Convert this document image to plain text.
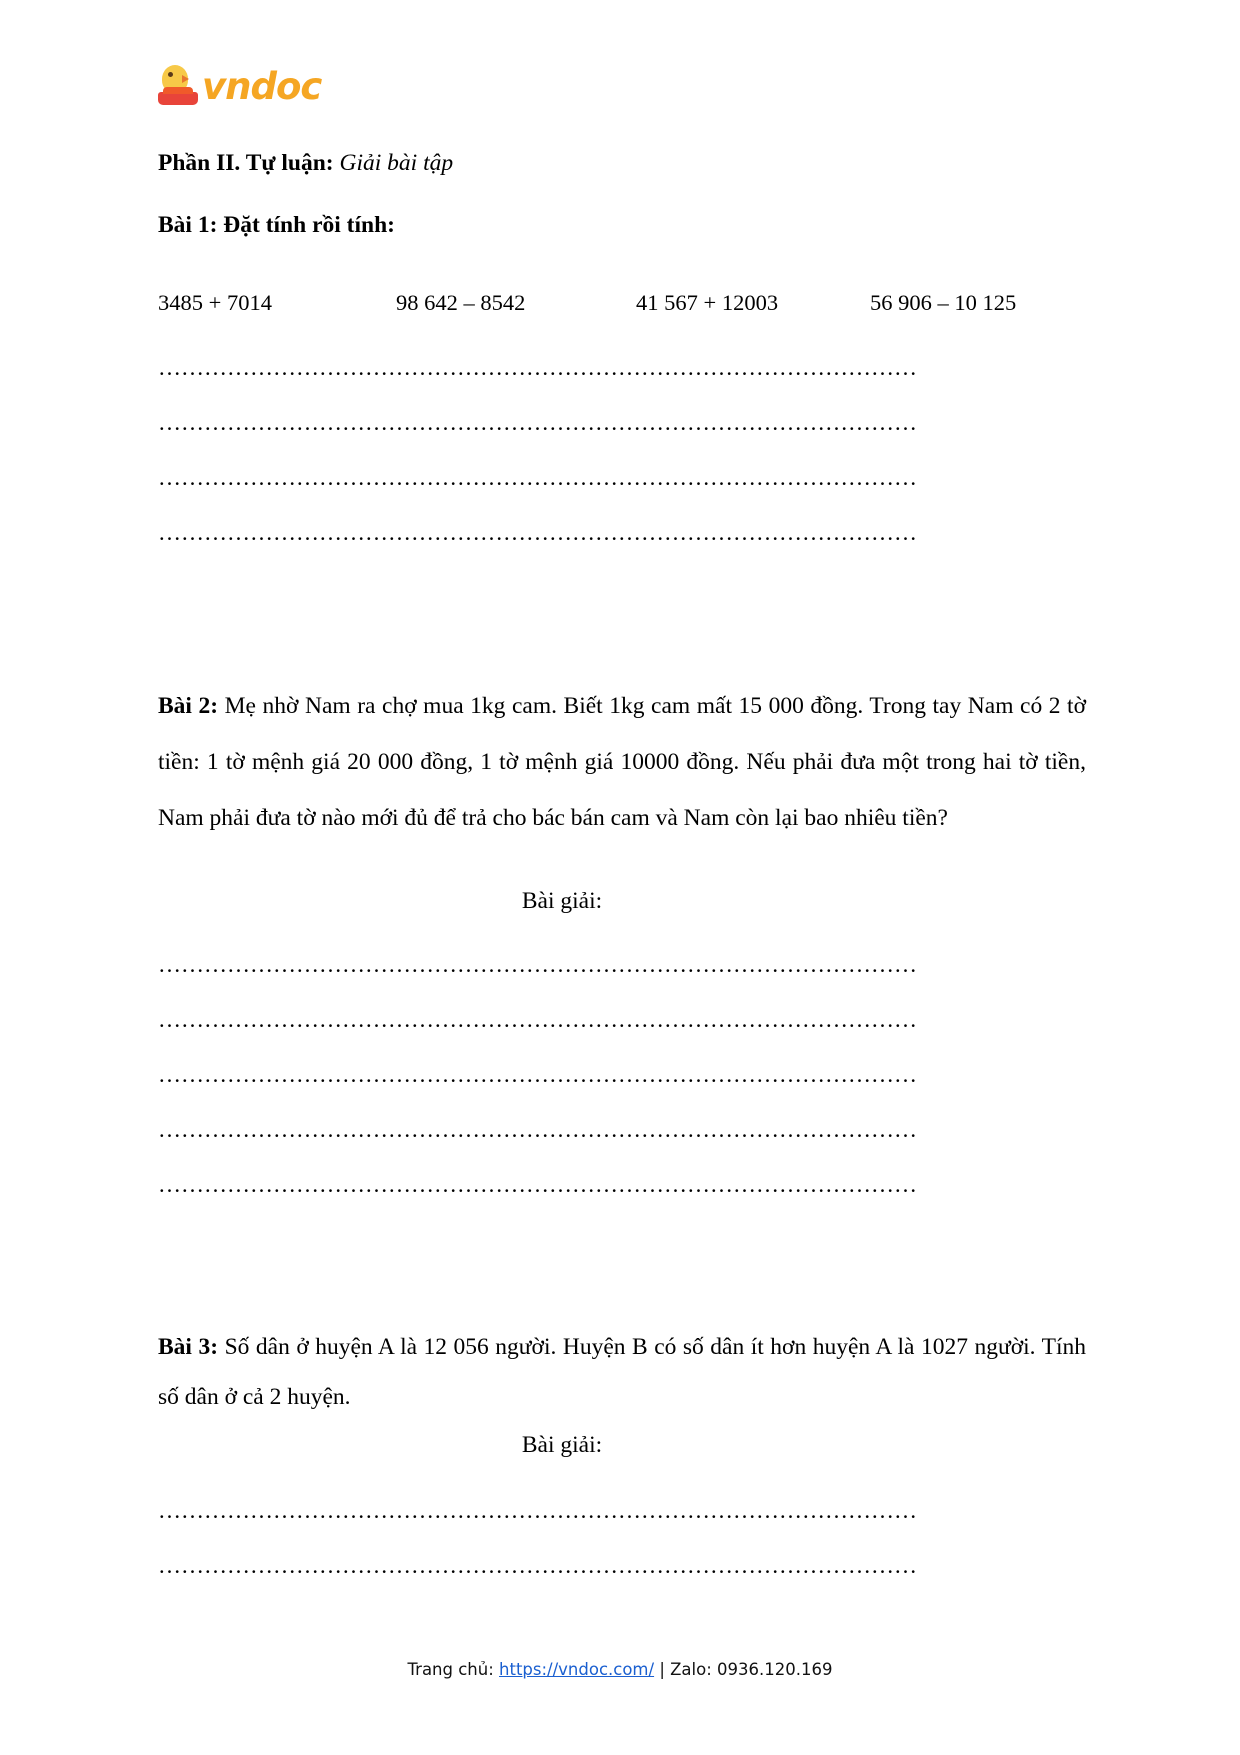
vndoc
Phần II. Tự luận: Giải bài tập
Bài 1: Đặt tính rồi tính:
3485 + 7014	98 642 – 8542	41 567 + 12003	56 906 – 10 125
………………………………………………………………………………………
………………………………………………………………………………………
………………………………………………………………………………………
………………………………………………………………………………………
Bài 2: Mẹ nhờ Nam ra chợ mua 1kg cam. Biết 1kg cam mất 15 000 đồng. Trong tay Nam có 2 tờ tiền: 1 tờ mệnh giá 20 000 đồng, 1 tờ mệnh giá 10000 đồng. Nếu phải đưa một trong hai tờ tiền, Nam phải đưa tờ nào mới đủ để trả cho bác bán cam và Nam còn lại bao nhiêu tiền?
Bài giải:
………………………………………………………………………………………
………………………………………………………………………………………
………………………………………………………………………………………
………………………………………………………………………………………
………………………………………………………………………………………
Bài 3: Số dân ở huyện A là 12 056 người. Huyện B có số dân ít hơn huyện A là 1027 người. Tính số dân ở cả 2 huyện.
Bài giải:
………………………………………………………………………………………
………………………………………………………………………………………
Trang chủ: https://vndoc.com/ | Zalo: 0936.120.169
